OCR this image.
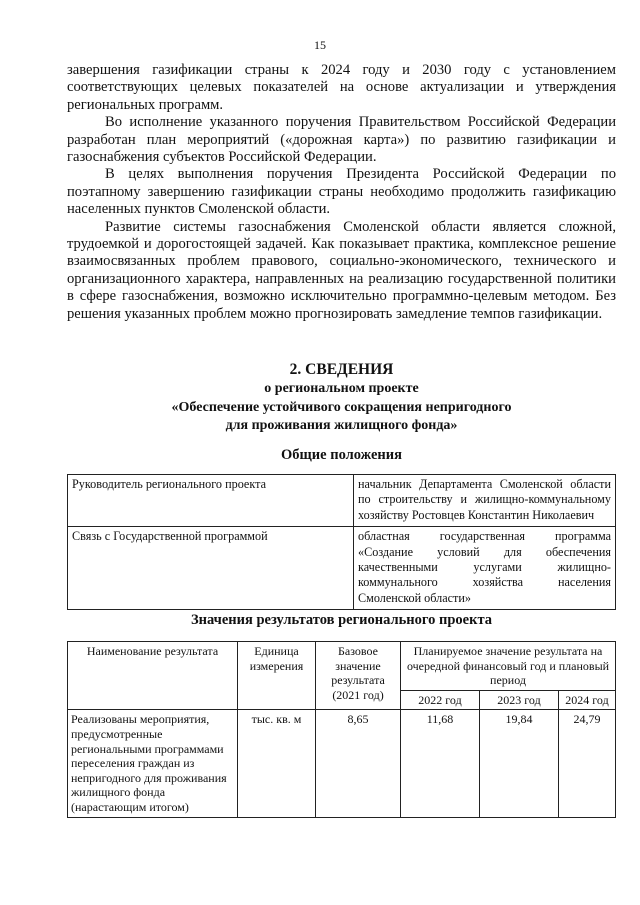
15

завершения газификации страны к 2024 году и 2030 году с установлением соответствующих целевых показателей на основе актуализации и утверждения региональных программ.

Во исполнение указанного поручения Правительством Российской Федерации разработан план мероприятий («дорожная карта») по развитию газификации и газоснабжения субъектов Российской Федерации.

В целях выполнения поручения Президента Российской Федерации по поэтапному завершению газификации страны необходимо продолжить газификацию населенных пунктов Смоленской области.

Развитие системы газоснабжения Смоленской области является сложной, трудоемкой и дорогостоящей задачей. Как показывает практика, комплексное решение взаимосвязанных проблем правового, социально-экономического, технического и организационного характера, направленных на реализацию государственной политики в сфере газоснабжения, возможно исключительно программно-целевым методом. Без решения указанных проблем можно прогнозировать замедление темпов газификации.

2. СВЕДЕНИЯ
о региональном проекте
«Обеспечение устойчивого сокращения непригодного
для проживания жилищного фонда»
Общие положения
Руководитель регионального проекта	начальник Департамента Смоленской области по строительству и жилищно-коммунальному хозяйству Ростовцев Константин Николаевич
Связь с Государственной программой	областная государственная программа «Создание условий для обеспечения качественными услугами жилищно-коммунального хозяйства населения Смоленской области»
Значения результатов регионального проекта
Наименование результата	Единица измерения	Базовое значение результата (2021 год)	Планируемое значение результата на очередной финансовый год и плановый период		
			2022 год	2023 год	2024 год
Реализованы мероприятия, предусмотренные региональными программами переселения граждан из непригодного для проживания жилищного фонда (нарастающим итогом)	тыс. кв. м	8,65	11,68	19,84	24,79
